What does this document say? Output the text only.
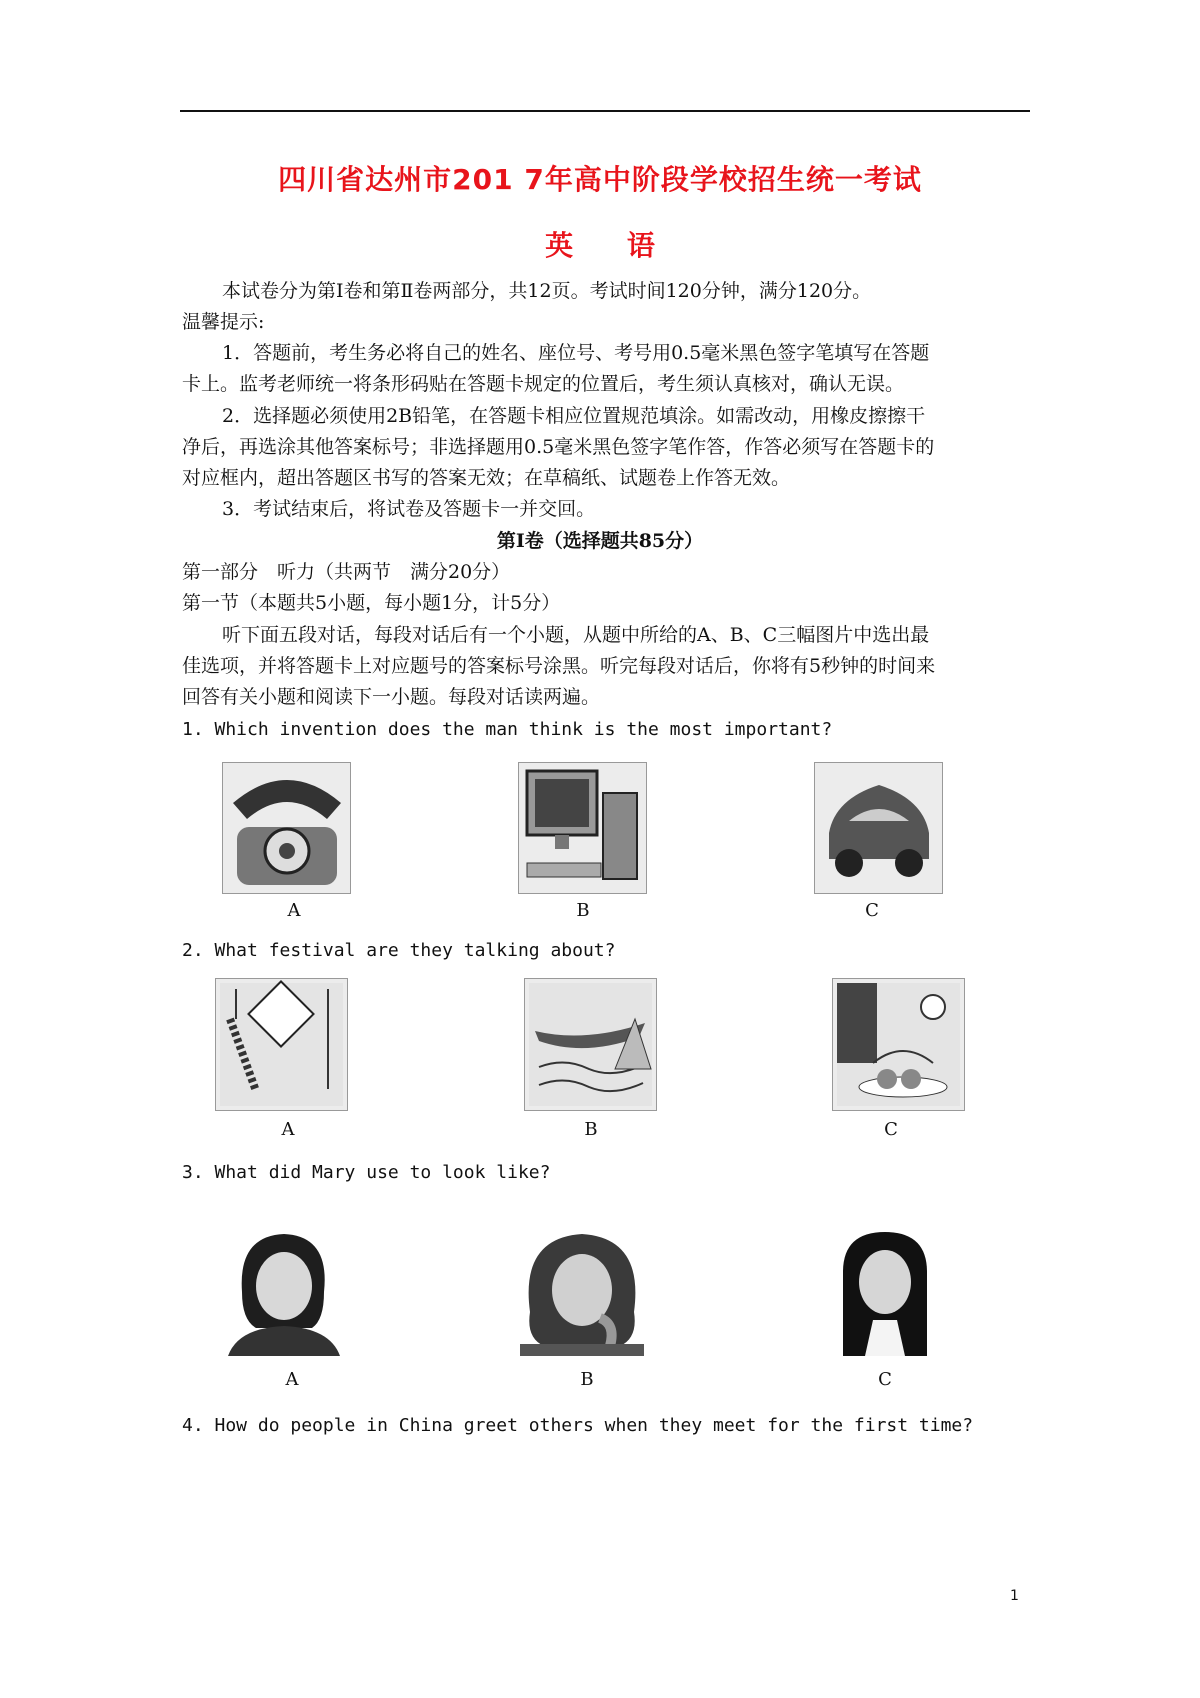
四川省达州市201 7年高中阶段学校招生统一考试
英 语
本试卷分为第Ⅰ卷和第Ⅱ卷两部分，共12页。考试时间120分钟，满分120分。
温馨提示:
1．答题前，考生务必将自己的姓名、座位号、考号用0.5毫米黑色签字笔填写在答题
卡上。监考老师统一将条形码贴在答题卡规定的位置后，考生须认真核对，确认无误。
2．选择题必须使用2B铅笔，在答题卡相应位置规范填涂。如需改动，用橡皮擦擦干
净后，再选涂其他答案标号；非选择题用0.5毫米黑色签字笔作答，作答必须写在答题卡的
对应框内，超出答题区书写的答案无效；在草稿纸、试题卷上作答无效。
3．考试结束后，将试卷及答题卡一并交回。
第Ⅰ卷（选择题共85分）
第一部分　听力（共两节　满分20分）
第一节（本题共5小题，每小题1分，计5分）
听下面五段对话，每段对话后有一个小题，从题中所给的A、B、C三幅图片中选出最
佳选项，并将答题卡上对应题号的答案标号涂黑。听完每段对话后，你将有5秒钟的时间来
回答有关小题和阅读下一小题。每段对话读两遍。
1. Which invention does the man think is the most important?
A	B	C
2. What festival are they talking about?
A	B	C
3. What did Mary use to look like?
A	B	C
4. How do people in China greet others when they meet for the first time?
1
